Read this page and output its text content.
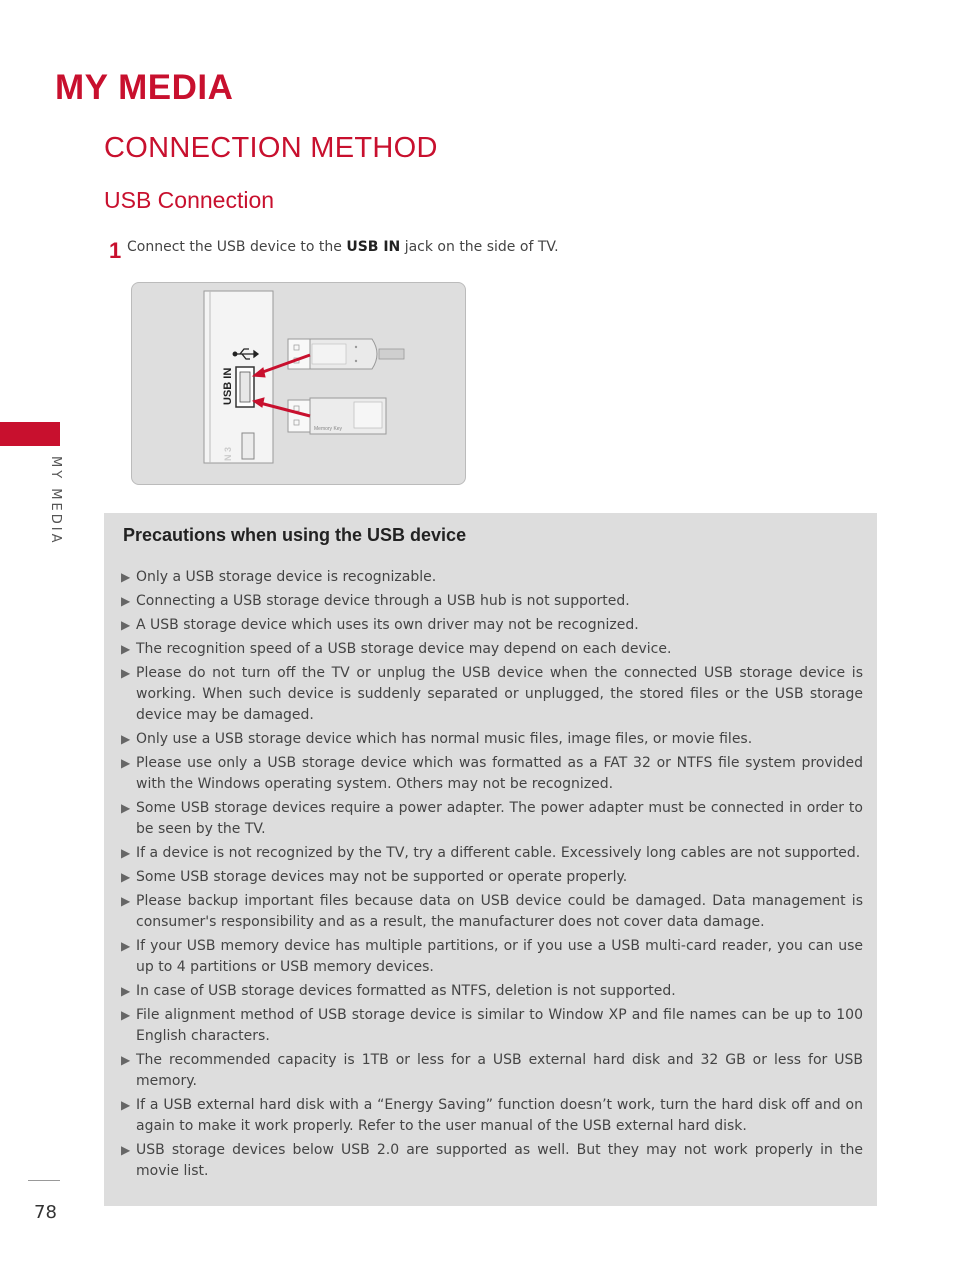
MY MEDIA
CONNECTION METHOD
USB Connection
1 Connect the USB device to the USB IN jack on the side of TV.
MY MEDIA
USB IN
N 3
Memory Key
Precautions when using the USB device
▶ Only a USB storage device is recognizable.
▶ Connecting a USB storage device through a USB hub is not supported.
▶ A USB storage device which uses its own driver may not be recognized.
▶ The recognition speed of a USB storage device may depend on each device.
▶ Please do not turn off the TV or unplug the USB device when the connected USB storage device is working. When such device is suddenly separated or unplugged, the stored files or the USB storage device may be damaged.
▶ Only use a USB storage device which has normal music files, image files, or movie files.
▶ Please use only a USB storage device which was formatted as a FAT 32 or NTFS file system provided with the Windows operating system. Others may not be recognized.
▶ Some USB storage devices require a power adapter. The power adapter must be connected in order to be seen by the TV.
▶ If a device is not recognized by the TV, try a different cable. Excessively long cables are not supported.
▶ Some USB storage devices may not be supported or operate properly.
▶ Please backup important files because data on USB device could be damaged. Data management is consumer's responsibility and as a result, the manufacturer does not cover data damage.
▶ If your USB memory device has multiple partitions, or if you use a USB multi-card reader, you can use up to 4 partitions or USB memory devices.
▶ In case of USB storage devices formatted as NTFS, deletion is not supported.
▶ File alignment method of USB storage device is similar to Window XP and file names can be up to 100 English characters.
▶ The recommended capacity is 1TB or less for a USB external hard disk and 32 GB or less for USB memory.
▶ If a USB external hard disk with a “Energy Saving” function doesn’t work, turn the hard disk off and on again to make it work properly. Refer to the user manual of the USB external hard disk.
▶ USB storage devices below USB 2.0 are supported as well. But they may not work properly in the movie list.
78
